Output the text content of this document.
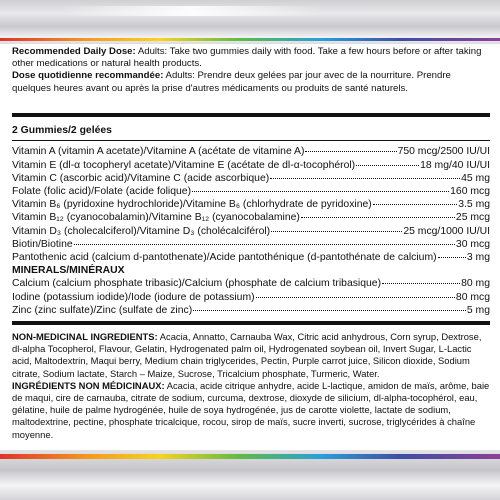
Recommended Daily Dose: Adults: Take two gummies daily with food. Take a few hours before or after taking other medications or natural health products.

Dose quotidienne recommandée: Adults: Prendre deux gelées par jour avec de la nourriture. Prendre quelques heures avant ou après la prise d'autres médicaments ou produits de santé naturels.

2 Gummies/2 gelées

Vitamin A (vitamin A acetate)/Vitamine A (acétate de vitamine A)	750 mcg/2500 IU/UI
Vitamin E (dl-α tocopheryl acetate)/Vitamine E (acétate de dl-α-tocophérol)	18 mg/40 IU/UI
Vitamin C (ascorbic acid)/Vitamine C (acide ascorbique)	45 mg
Folate (folic acid)/Folate (acide folique)	160 mcg
Vitamin B₆ (pyridoxine hydrochloride)/Vitamine B₆ (chlorhydrate de pyridoxine)	3.5 mg
Vitamin B₁₂ (cyanocobalamin)/Vitamine B₁₂ (cyanocobalamine)	25 mcg
Vitamin D₃ (cholecalciferol)/Vitamine D₃ (cholécalciférol)	25 mcg/1000 IU/UI
Biotin/Biotine	30 mcg
Pantothenic acid (calcium d-pantothenate)/Acide pantothénique (d-pantothénate de calcium)	3 mg

MINERALS/MINÉRAUX

Calcium (calcium phosphate tribasic)/Calcium (phosphate de calcium tribasique)	80 mg
Iodine (potassium iodide)/Iode (iodure de potassium)	80 mcg
Zinc (zinc sulfate)/Zinc (sulfate de zinc)	5 mg

NON-MEDICINAL INGREDIENTS: Acacia, Annatto, Carnauba Wax, Citric acid anhydrous, Corn syrup, Dextrose, dl-alpha Tocopherol, Flavour, Gelatin, Hydrogenated palm oil, Hydrogenated soybean oil, Invert Sugar, L-Lactic acid, Maltodextrin, Maqui berry, Medium chain triglycerides, Pectin, Purple carrot juice, Silicon dioxide, Sodium citrate, Sodium lactate, Starch – Maize, Sucrose, Tricalcium phosphate, Turmeric, Water.

INGRÉDIENTS NON MÉDICINAUX: Acacia, acide citrique anhydre, acide L-lactique, amidon de maïs, arôme, baie de maqui, cire de carnauba, citrate de sodium, curcuma, dextrose, dioxyde de silicium, dl-alpha-tocophérol, eau, gélatine, huile de palme hydrogénée, huile de soya hydrogénée, jus de carotte violette, lactate de sodium, maltodextrine, pectine, phosphate tricalcique, rocou, sirop de maïs, sucre inverti, sucrose, triglycérides à chaîne moyenne.
